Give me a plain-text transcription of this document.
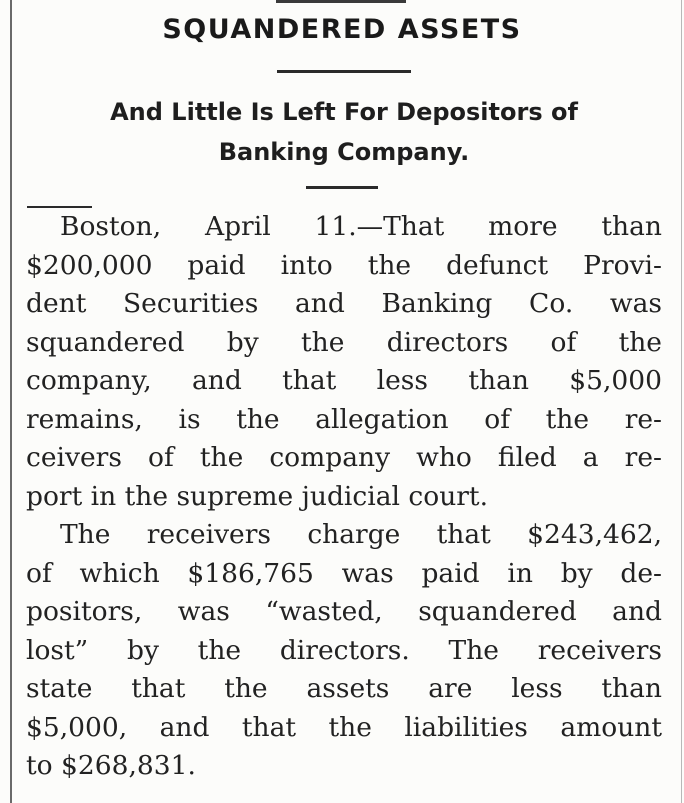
SQUANDERED ASSETS
And Little Is Left For Depositors of
Banking Company.
Boston, April 11.—That more than
$200,000 paid into the defunct Provi-
dent Securities and Banking Co. was
squandered by the directors of the
company, and that less than $5,000
remains, is the allegation of the re-
ceivers of the company who filed a re-
port in the supreme judicial court.
The receivers charge that $243,462,
of which $186,765 was paid in by de-
positors, was “wasted, squandered and
lost” by the directors. The receivers
state that the assets are less than
$5,000, and that the liabilities amount
to $268,831.
